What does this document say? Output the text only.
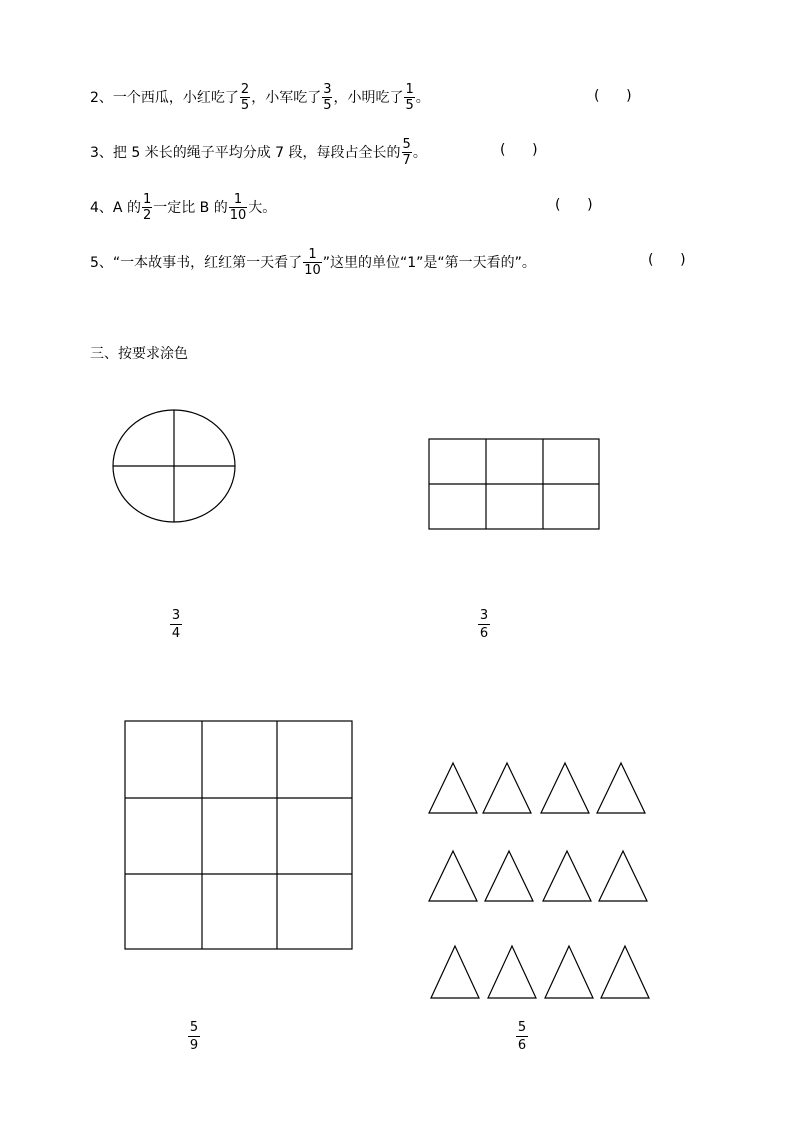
2、 一个西瓜，小红吃了 $\frac{2}{5}$ ，小军吃了 $\frac{3}{5}$ ，小明吃了 $\frac{1}{5}$ 。	(      )
3、 把 5 米长的绳子平均分成 7 段，每段占全长的 $\frac{5}{7}$ 。	(      )
4、 A 的 $\frac{1}{2}$ 一定比 B 的 $\frac{1}{10}$ 大。	(      )
5、 “一本故事书，红红第一天看了 $\frac{1}{10}$ ”这里的单位“1”是“第一天看的”。	(      )
三、按要求涂色
3
4
3
6
5
9
5
6
